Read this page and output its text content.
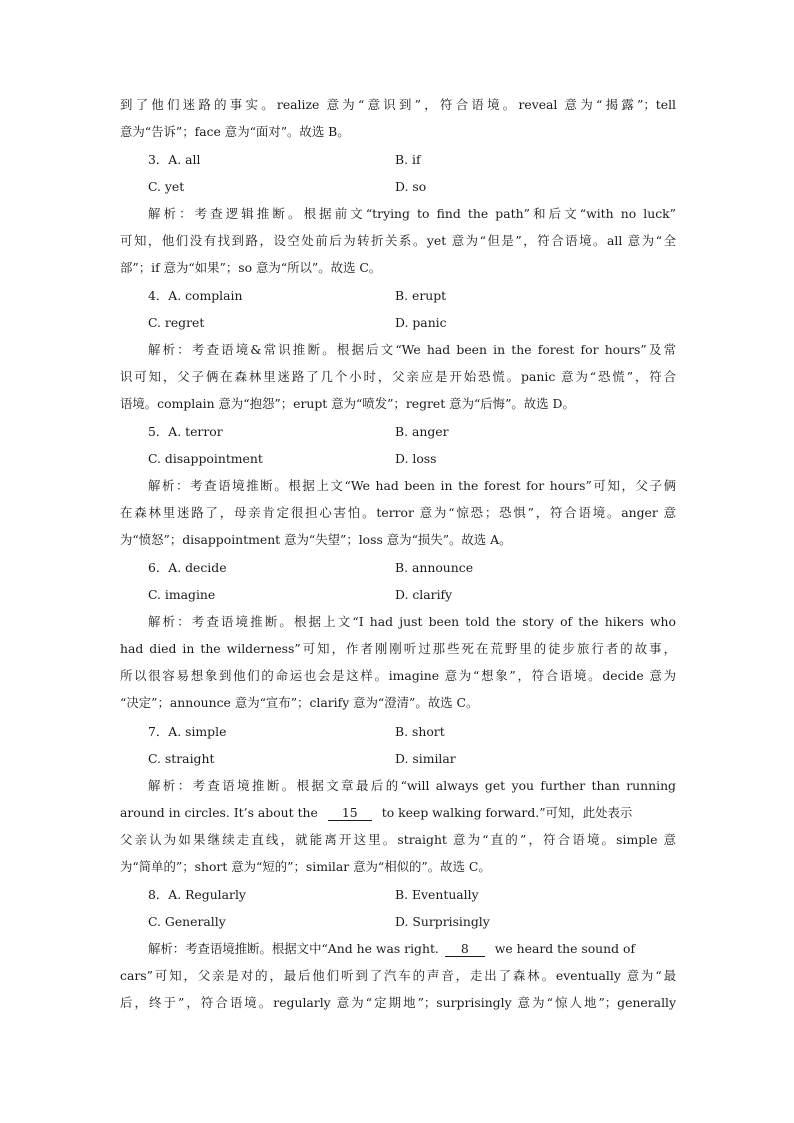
到了他们迷路的事实。realize 意为“意识到”，符合语境。reveal 意为“揭露”；tell
意为“告诉”；face 意为“面对”。故选 B。
3．A. all	B. if
C. yet	D. so
解析：考查逻辑推断。根据前文“trying to find the path”和后文“with no luck”
可知，他们没有找到路，设空处前后为转折关系。yet 意为“但是”，符合语境。all 意为“全
部”；if 意为“如果”；so 意为“所以”。故选 C。
4．A. complain	B. erupt
C. regret	D. panic
解析：考查语境&常识推断。根据后文“We had been in the forest for hours”及常
识可知，父子俩在森林里迷路了几个小时，父亲应是开始恐慌。panic 意为“恐慌”，符合
语境。complain 意为“抱怨”；erupt 意为“喷发”；regret 意为“后悔”。故选 D。
5．A. terror	B. anger
C. disappointment	D. loss
解析：考查语境推断。根据上文“We had been in the forest for hours”可知，父子俩
在森林里迷路了，母亲肯定很担心害怕。terror 意为“惊恐；恐惧”，符合语境。anger 意
为“愤怒”；disappointment 意为“失望”；loss 意为“损失”。故选 A。
6．A. decide	B. announce
C. imagine	D. clarify
解析：考查语境推断。根据上文“I had just been told the story of the hikers who
had died in the wilderness”可知，作者刚刚听过那些死在荒野里的徒步旅行者的故事，
所以很容易想象到他们的命运也会是这样。imagine 意为“想象”，符合语境。decide 意为
“决定”；announce 意为“宣布”；clarify 意为“澄清”。故选 C。
7．A. simple	B. short
C. straight	D. similar
解析：考查语境推断。根据文章最后的“will always get you further than running
around in circles. It’s about the 15 to keep walking forward.”可知，此处表示
父亲认为如果继续走直线，就能离开这里。straight 意为“直的”，符合语境。simple 意
为“简单的”；short 意为“短的”；similar 意为“相似的”。故选 C。
8．A. Regularly	B. Eventually
C. Generally	D. Surprisingly
解析：考查语境推断。根据文中“And he was right. 8 we heard the sound of
cars”可知，父亲是对的，最后他们听到了汽车的声音，走出了森林。eventually 意为“最
后，终于”，符合语境。regularly 意为“定期地”；surprisingly 意为“惊人地”；generally
